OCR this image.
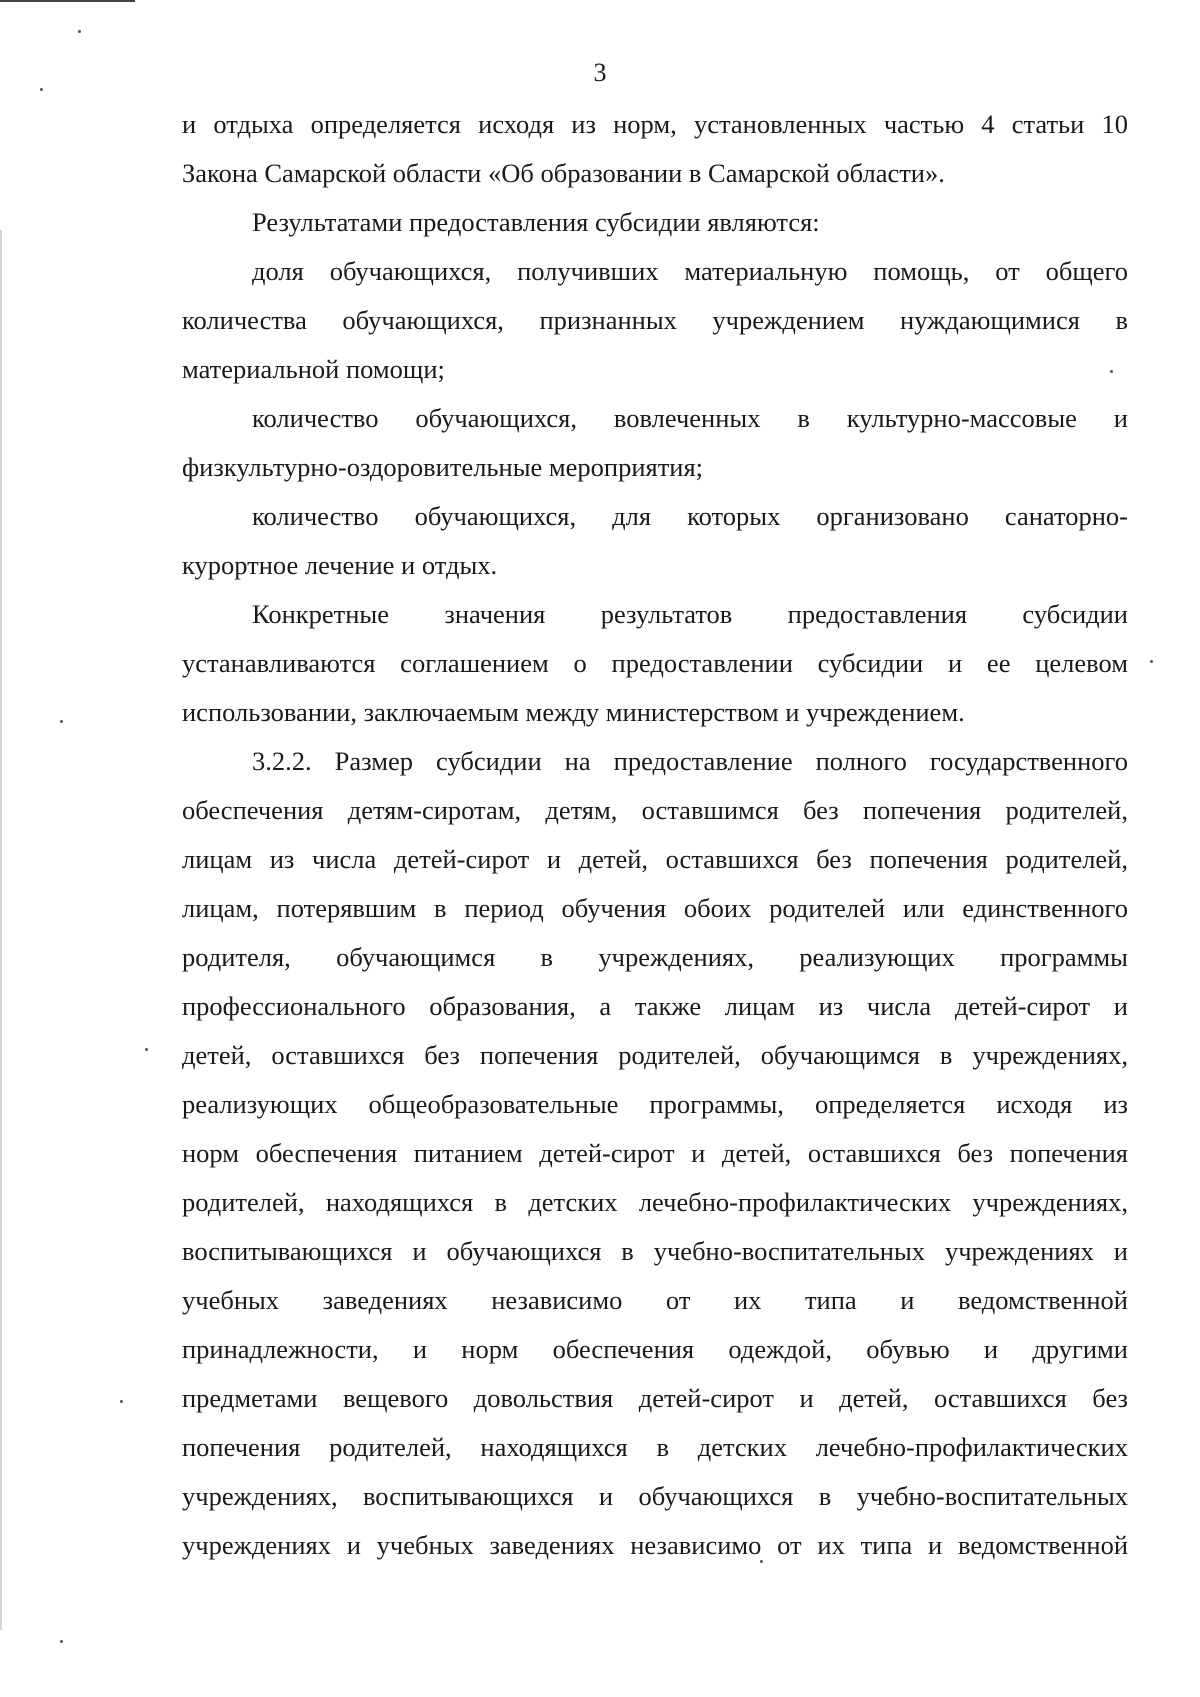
3

и отдыха определяется исходя из норм, установленных частью 4 статьи 10

Закона Самарской области «Об образовании в Самарской области».

Результатами предоставления субсидии являются:

доля обучающихся, получивших материальную помощь, от общего

количества обучающихся, признанных учреждением нуждающимися в

материальной помощи;

количество обучающихся, вовлеченных в культурно-массовые и

физкультурно-оздоровительные мероприятия;

количество обучающихся, для которых организовано санаторно-

курортное лечение и отдых.

Конкретные значения результатов предоставления субсидии

устанавливаются соглашением о предоставлении субсидии и ее целевом

использовании, заключаемым между министерством и учреждением.

3.2.2. Размер субсидии на предоставление полного государственного

обеспечения детям-сиротам, детям, оставшимся без попечения родителей,

лицам из числа детей-сирот и детей, оставшихся без попечения родителей,

лицам, потерявшим в период обучения обоих родителей или единственного

родителя, обучающимся в учреждениях, реализующих программы

профессионального образования, а также лицам из числа детей-сирот и

детей, оставшихся без попечения родителей, обучающимся в учреждениях,

реализующих общеобразовательные программы, определяется исходя из

норм обеспечения питанием детей-сирот и детей, оставшихся без попечения

родителей, находящихся в детских лечебно-профилактических учреждениях,

воспитывающихся и обучающихся в учебно-воспитательных учреждениях и

учебных заведениях независимо от их типа и ведомственной

принадлежности, и норм обеспечения одеждой, обувью и другими

предметами вещевого довольствия детей-сирот и детей, оставшихся без

попечения родителей, находящихся в детских лечебно-профилактических

учреждениях, воспитывающихся и обучающихся в учебно-воспитательных

учреждениях и учебных заведениях независимо от их типа и ведомственной
